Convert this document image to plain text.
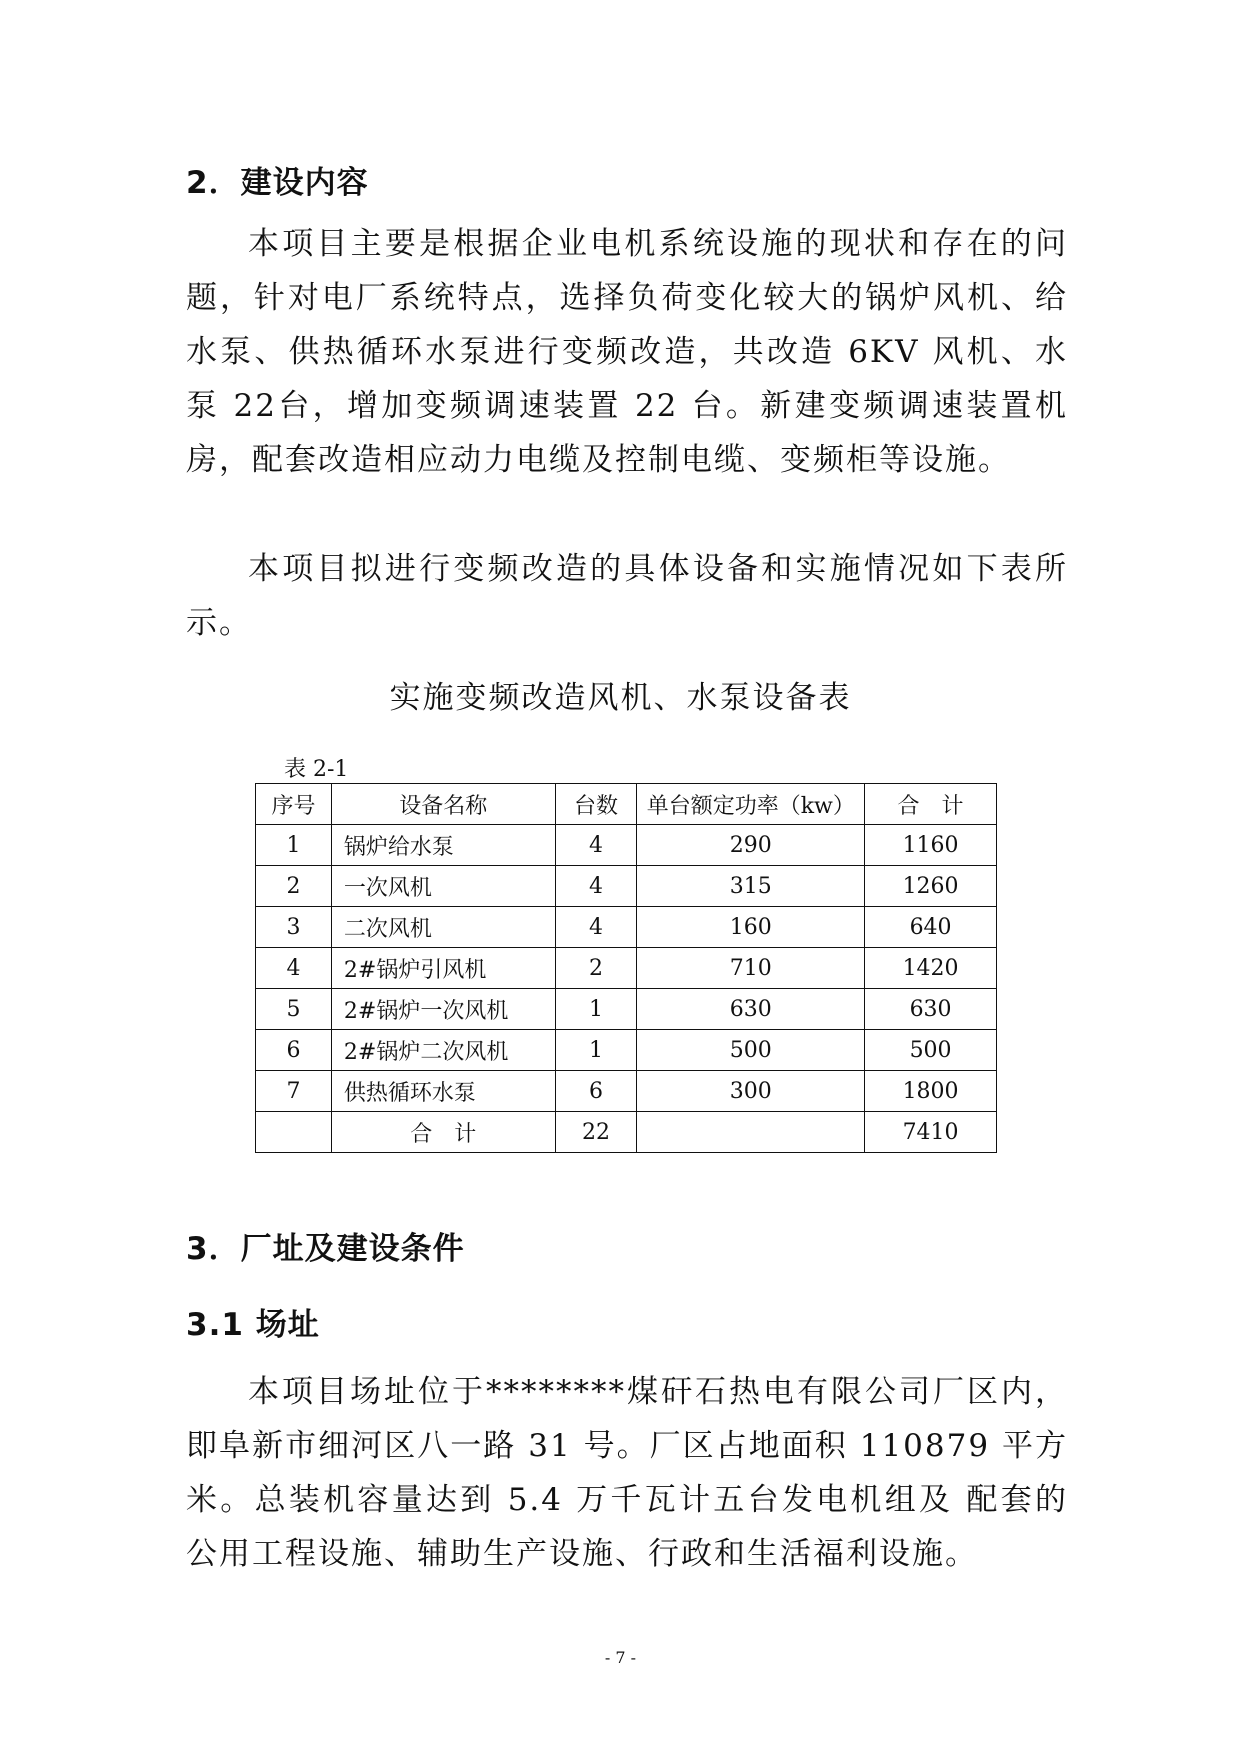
2．建设内容

本项目主要是根据企业电机系统设施的现状和存在的问题，针对电厂系统特点，选择负荷变化较大的锅炉风机、给水泵、供热循环水泵进行变频改造，共改造 6KV 风机、水泵 22台，增加变频调速装置 22 台。新建变频调速装置机房，配套改造相应动力电缆及控制电缆、变频柜等设施。

本项目拟进行变频改造的具体设备和实施情况如下表所示。

实施变频改造风机、水泵设备表

表 2-1
序号	设备名称	台数	单台额定功率（kw）	合　计
1	锅炉给水泵	4	290	1160
2	一次风机	4	315	1260
3	二次风机	4	160	640
4	2#锅炉引风机	2	710	1420
5	2#锅炉一次风机	1	630	630
6	2#锅炉二次风机	1	500	500
7	供热循环水泵	6	300	1800
	合　计	22		7410
3．厂址及建设条件
3.1 场址

本项目场址位于********煤矸石热电有限公司厂区内，即阜新市细河区八一路 31 号。厂区占地面积 110879 平方米。总装机容量达到 5.4 万千瓦计五台发电机组及 配套的公用工程设施、辅助生产设施、行政和生活福利设施。

- 7 -
